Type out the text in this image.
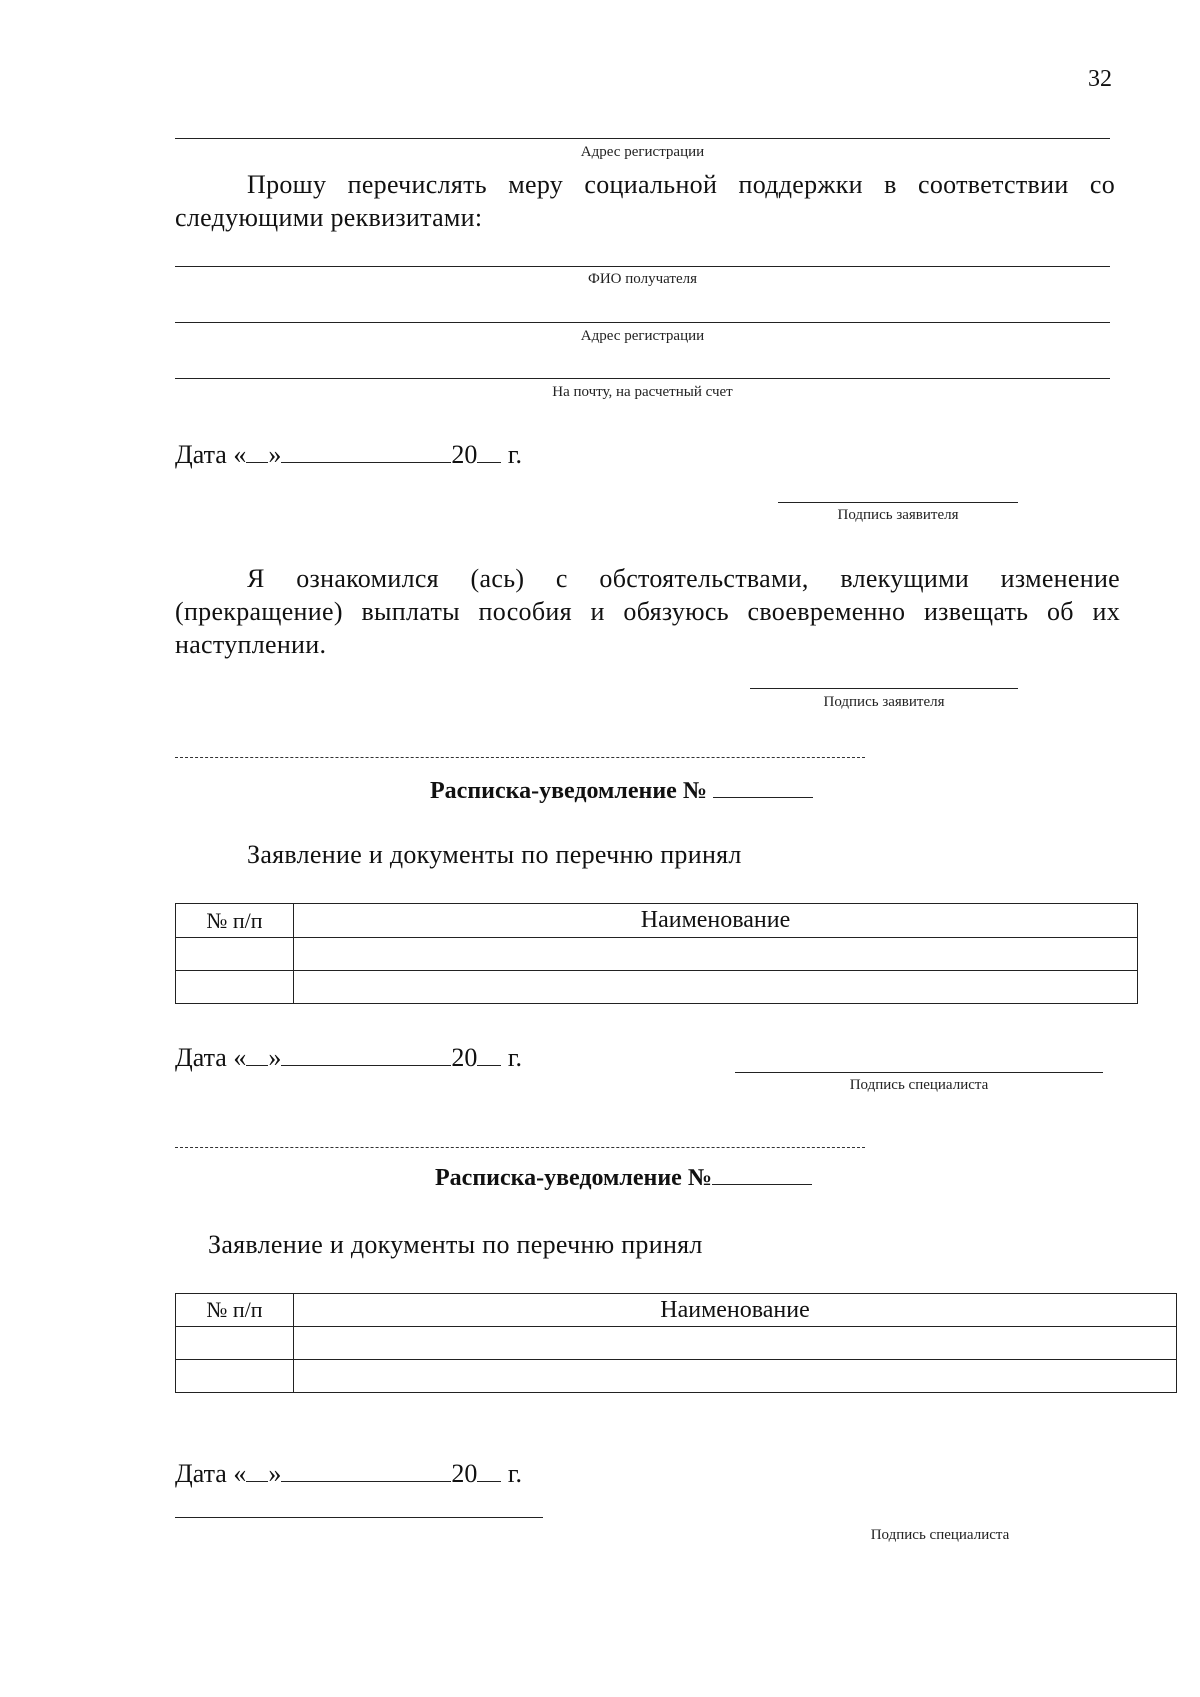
32
Адрес регистрации
Прошу перечислять меру социальной поддержки в соответствии со следующими реквизитами:
ФИО получателя
Адрес регистрации
На почту, на расчетный счет
Дата « »	20 г.
Подпись заявителя
Я ознакомился (ась) с обстоятельствами, влекущими изменение (прекращение) выплаты пособия и обязуюсь своевременно извещать об их наступлении.
Подпись заявителя
Расписка-уведомление №
Заявление и документы по перечню принял
№ п/п	Наименование

Дата « »	20 г.
Подпись специалиста
Расписка-уведомление №
Заявление и документы по перечню принял
№ п/п	Наименование

Дата « »	20 г.
Подпись специалиста
